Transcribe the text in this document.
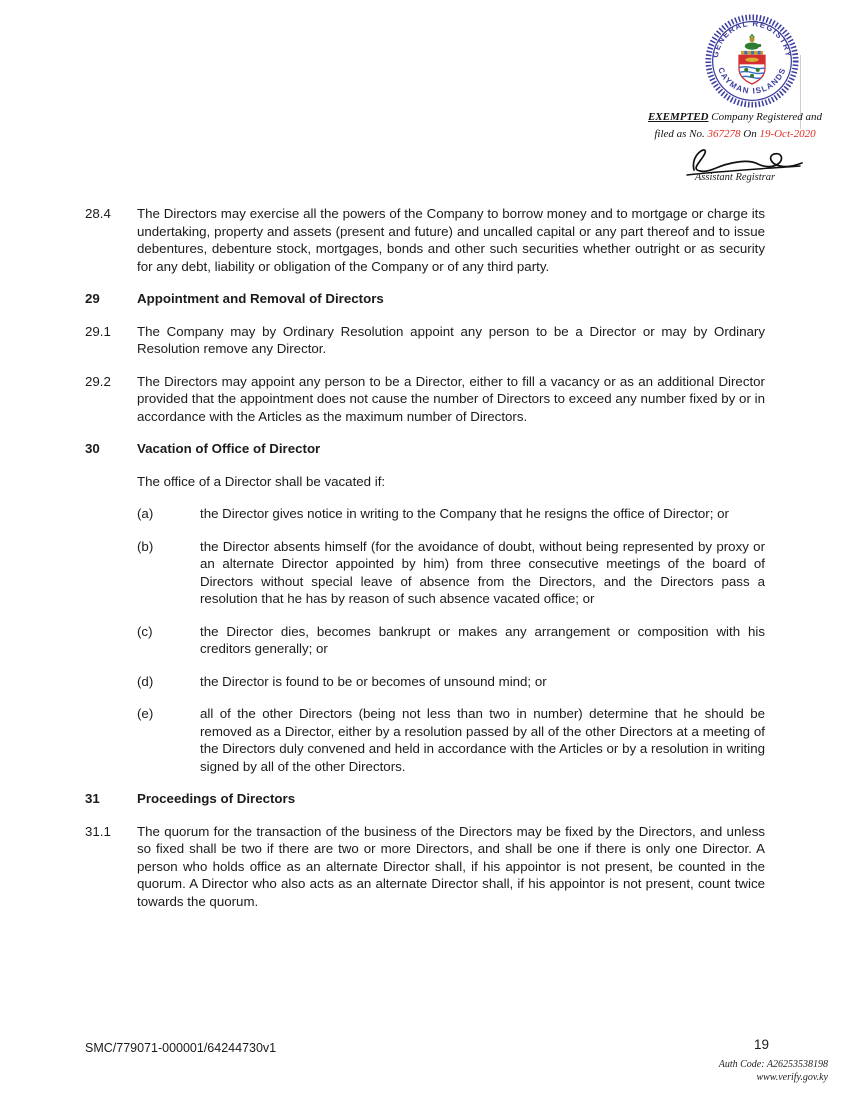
GENERAL REGISTRY
CAYMAN ISLANDS
EXEMPTED Company Registered and
filed as No. 367278 On 19-Oct-2020
Assistant Registrar
28.4	The Directors may exercise all the powers of the Company to borrow money and to mortgage or charge its undertaking, property and assets (present and future) and uncalled capital or any part thereof and to issue debentures, debenture stock, mortgages, bonds and other such securities whether outright or as security for any debt, liability or obligation of the Company or of any third party.
29	Appointment and Removal of Directors
29.1	The Company may by Ordinary Resolution appoint any person to be a Director or may by Ordinary Resolution remove any Director.
29.2	The Directors may appoint any person to be a Director, either to fill a vacancy or as an additional Director provided that the appointment does not cause the number of Directors to exceed any number fixed by or in accordance with the Articles as the maximum number of Directors.
30	Vacation of Office of Director
The office of a Director shall be vacated if:
(a)	the Director gives notice in writing to the Company that he resigns the office of Director; or
(b)	the Director absents himself (for the avoidance of doubt, without being represented by proxy or an alternate Director appointed by him) from three consecutive meetings of the board of Directors without special leave of absence from the Directors, and the Directors pass a resolution that he has by reason of such absence vacated office; or
(c)	the Director dies, becomes bankrupt or makes any arrangement or composition with his creditors generally; or
(d)	the Director is found to be or becomes of unsound mind; or
(e)	all of the other Directors (being not less than two in number) determine that he should be removed as a Director, either by a resolution passed by all of the other Directors at a meeting of the Directors duly convened and held in accordance with the Articles or by a resolution in writing signed by all of the other Directors.
31	Proceedings of Directors
31.1	The quorum for the transaction of the business of the Directors may be fixed by the Directors, and unless so fixed shall be two if there are two or more Directors, and shall be one if there is only one Director. A person who holds office as an alternate Director shall, if his appointor is not present, be counted in the quorum. A Director who also acts as an alternate Director shall, if his appointor is not present, count twice towards the quorum.
SMC/779071-000001/64244730v1	19
Auth Code: A26253538198
www.verify.gov.ky
